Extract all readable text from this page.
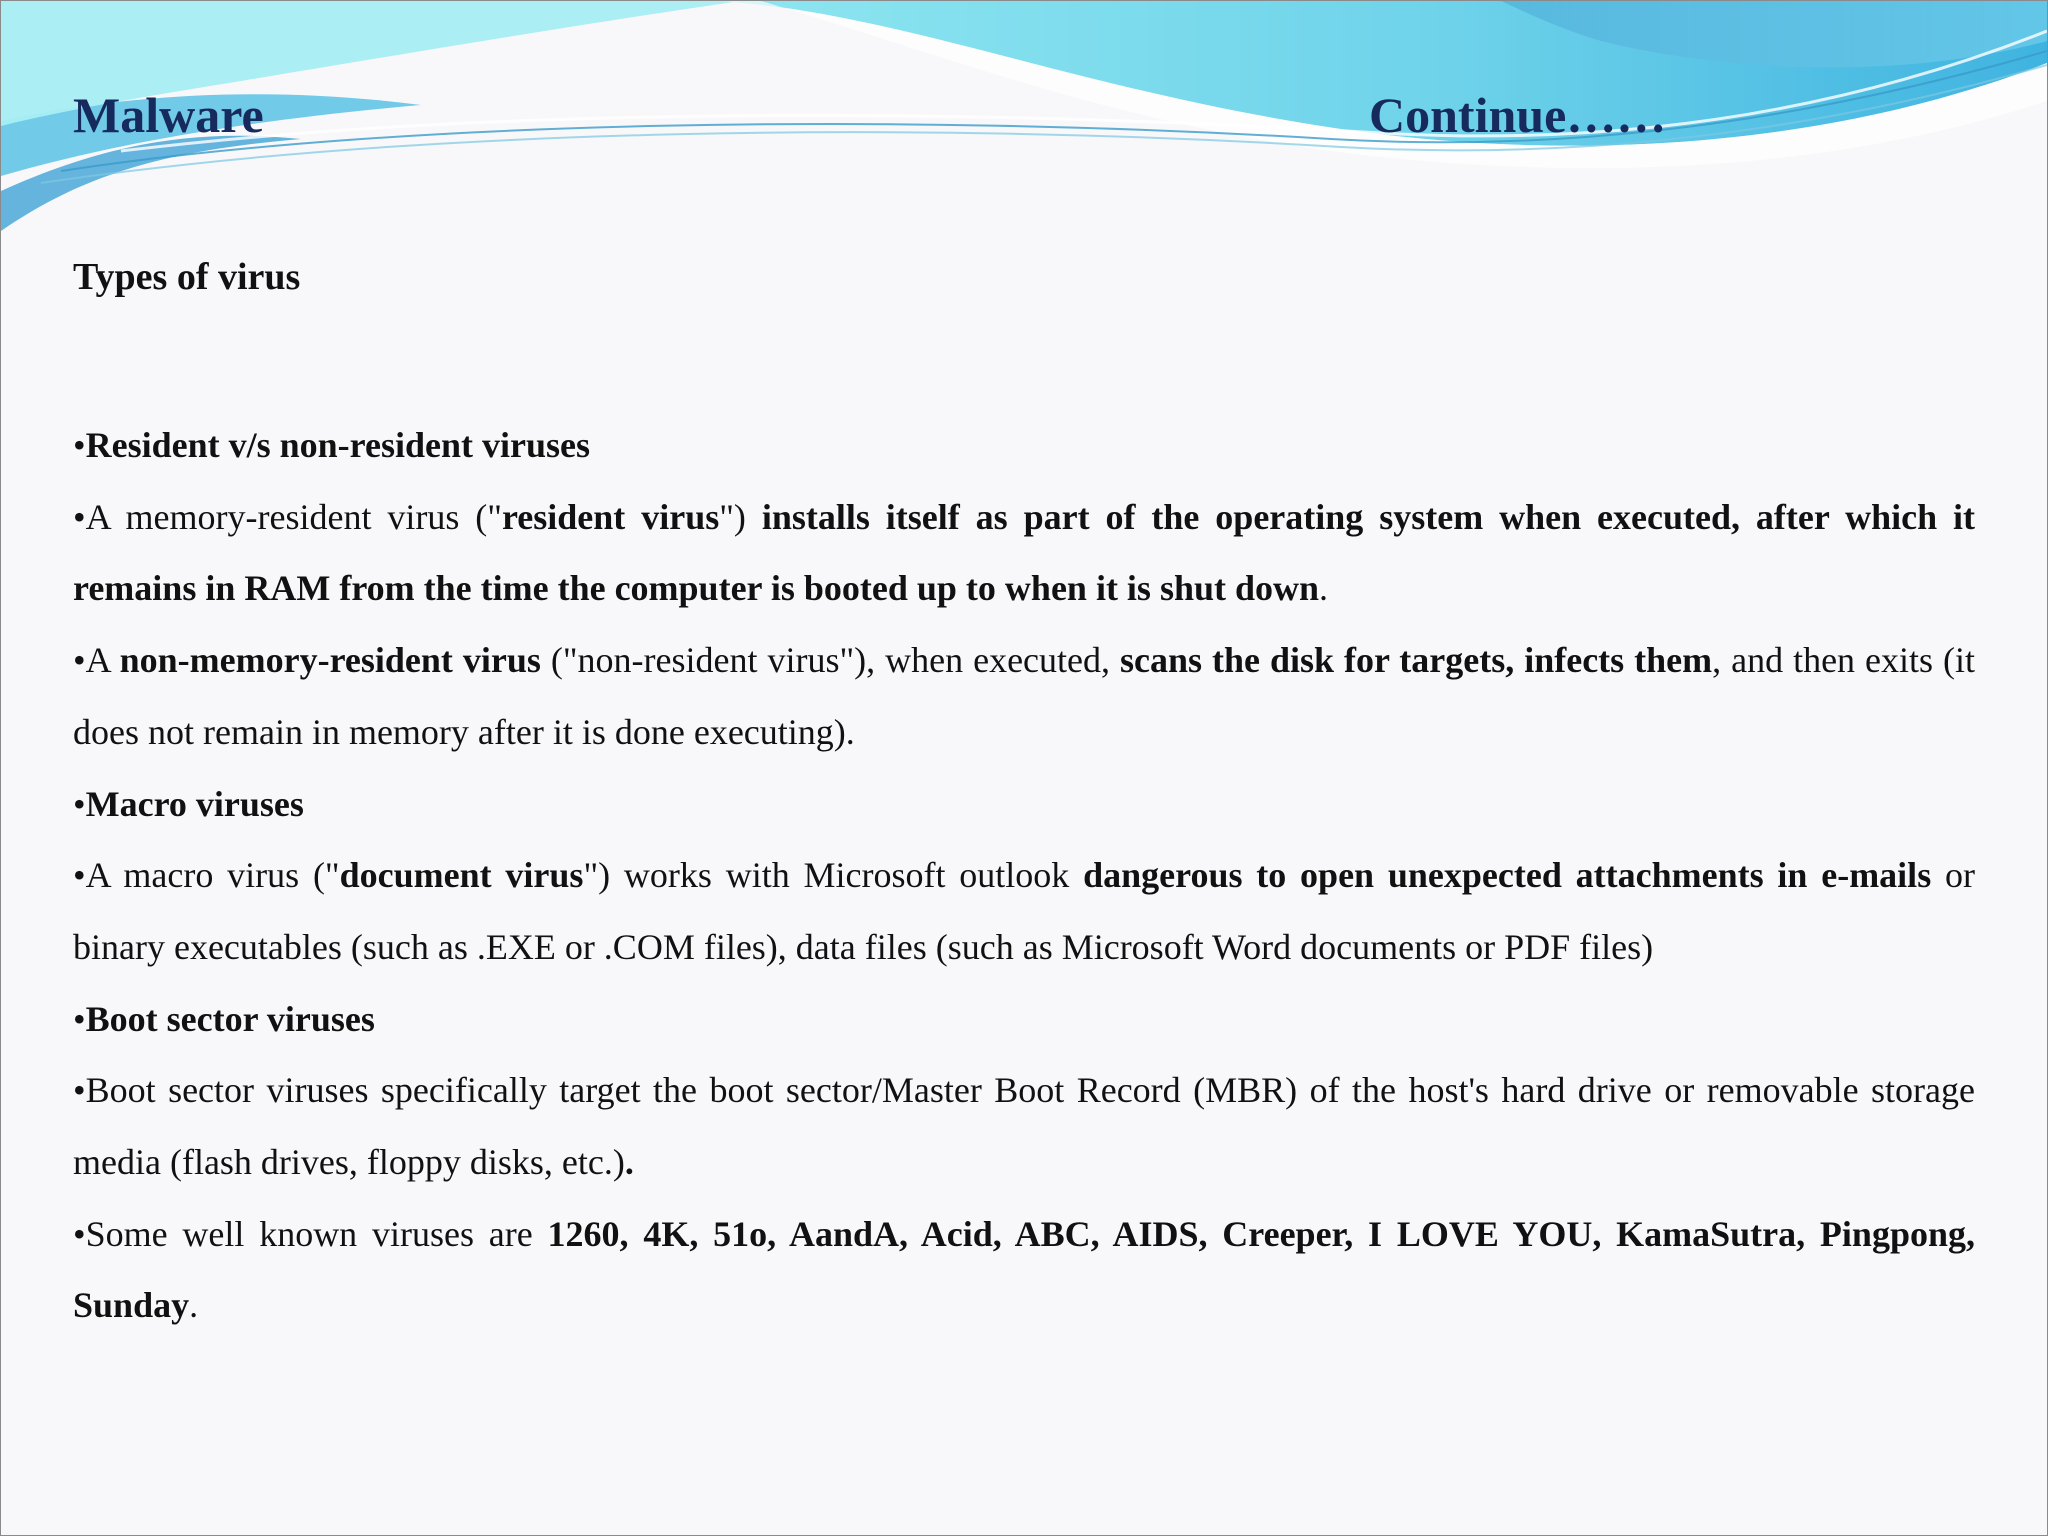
Malware	Continue……
Types of virus

•Resident v/s non-resident viruses

•A memory-resident virus ("resident virus") installs itself as part of the operating system when executed, after which it remains in RAM from the time the computer is booted up to when it is shut down.

•A non-memory-resident virus ("non-resident virus"), when executed, scans the disk for targets, infects them, and then exits (it does not remain in memory after it is done executing).

•Macro viruses

•A macro virus ("document virus") works with Microsoft outlook dangerous to open unexpected attachments in e-mails or binary executables (such as .EXE or .COM files), data files (such as Microsoft Word documents or PDF files)

•Boot sector viruses

•Boot sector viruses specifically target the boot sector/Master Boot Record (MBR) of the host's hard drive or removable storage media (flash drives, floppy disks, etc.).

•Some well known viruses are 1260, 4K, 51o, AandA, Acid, ABC, AIDS, Creeper, I LOVE YOU, KamaSutra, Pingpong, Sunday.
